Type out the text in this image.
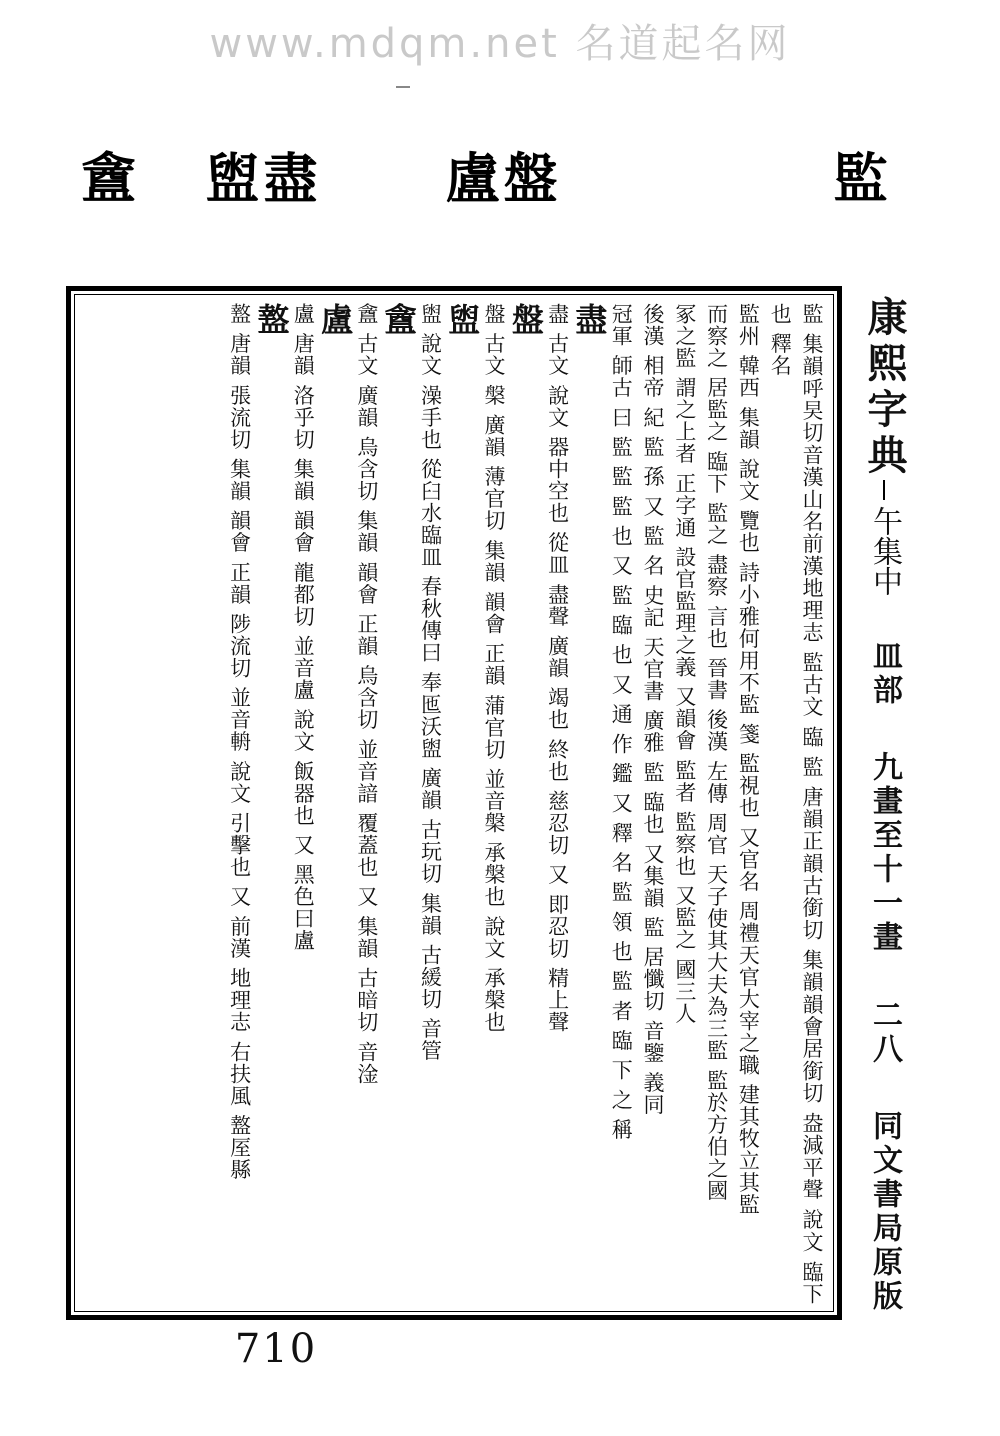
www.mdqm.net 名道起名网
監
盤
盧
盡
盥
盦
監 集韻呼旲切音漢山名前漢地理志 監古文 臨 監 唐韻正韻古銜切 集韻韻會居銜切 盎減平聲 說文 臨下也 釋名
監州 韓西 集韻 說文 覽也 詩小雅何用不監 箋 監視也 又官名 周禮天官大宰之職 建其牧立其監
而察之 居監之 臨下 監之 盡察 言也 晉書 後漢 左傳 周官 天子使其大夫為三監 監於方伯之國
冢之監 謂之上者 正字通 設官監理之義 又韻會 監者 監察也 又監之 國三人
後漢 相帝 紀 監 孫 又 監 名 史記 天官書 廣雅 監 臨也 又集韻 監 居懺切 音鑒 義同
冠軍 師古 曰 監 監 監 也 又 監 臨 也 又 通 作 鑑 又 釋 名 監 領 也 監 者 臨 下 之 稱
盡
盡 古文 說文 器中空也 從皿 盡聲 廣韻 竭也 終也 慈忍切 又 即忍切 精上聲
盤
盤 古文 槃 廣韻 薄官切 集韻 韻會 正韻 蒲官切 並音槃 承槃也 說文 承槃也
盥
盥 說文 澡手也 從臼水臨皿 春秋傳曰 奉匜沃盥 廣韻 古玩切 集韻 古緩切 音管
盦
盦 古文 廣韻 烏含切 集韻 韻會 正韻 烏含切 並音諳 覆蓋也 又 集韻 古暗切 音淦
盧
盧 唐韻 洛乎切 集韻 韻會 龍都切 並音盧 說文 飯器也 又 黑色曰盧
盩
盩 唐韻 張流切 集韻 韻會 正韻 陟流切 並音輈 說文 引擊也 又 前漢 地理志 右扶風 盩厔縣	康熙字典午集中 皿部 九畫至十一畫 二八 同文書局原版
710
